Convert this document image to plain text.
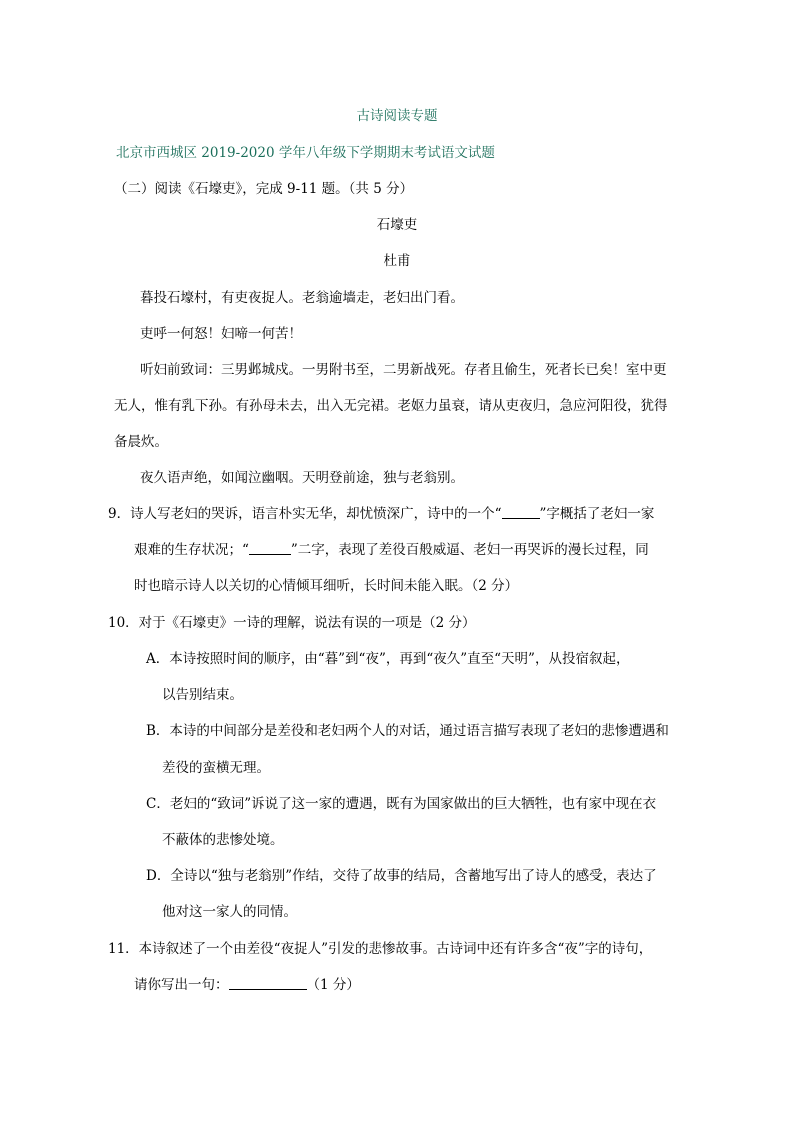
古诗阅读专题
北京市西城区 2019-2020 学年八年级下学期期末考试语文试题
（二）阅读《石壕吏》，完成 9-11 题。（共 5 分）
石壕吏
杜甫
暮投石壕村，有吏夜捉人。老翁逾墙走，老妇出门看。
吏呼一何怒！妇啼一何苦！
听妇前致词：三男邺城戍。一男附书至，二男新战死。存者且偷生，死者长已矣！室中更
无人，惟有乳下孙。有孙母未去，出入无完裙。老妪力虽衰，请从吏夜归，急应河阳役，犹得
备晨炊。
夜久语声绝，如闻泣幽咽。天明登前途，独与老翁别。
9．诗人写老妇的哭诉，语言朴实无华，却忧愤深广，诗中的一个“	”字概括了老妇一家
艰难的生存状况；“	”二字，表现了差役百般威逼、老妇一再哭诉的漫长过程，同
时也暗示诗人以关切的心情倾耳细听，长时间未能入眠。（2 分）
10．对于《石壕吏》一诗的理解，说法有误的一项是（2 分）
A．本诗按照时间的顺序，由“暮”到“夜”，再到“夜久”直至“天明”，从投宿叙起，
以告别结束。
B．本诗的中间部分是差役和老妇两个人的对话，通过语言描写表现了老妇的悲惨遭遇和
差役的蛮横无理。
C．老妇的“致词”诉说了这一家的遭遇，既有为国家做出的巨大牺牲，也有家中现在衣
不蔽体的悲惨处境。
D．全诗以“独与老翁别”作结，交待了故事的结局，含蓄地写出了诗人的感受，表达了
他对这一家人的同情。
11．本诗叙述了一个由差役“夜捉人”引发的悲惨故事。古诗词中还有许多含“夜”字的诗句，
请你写出一句：	（1 分）
